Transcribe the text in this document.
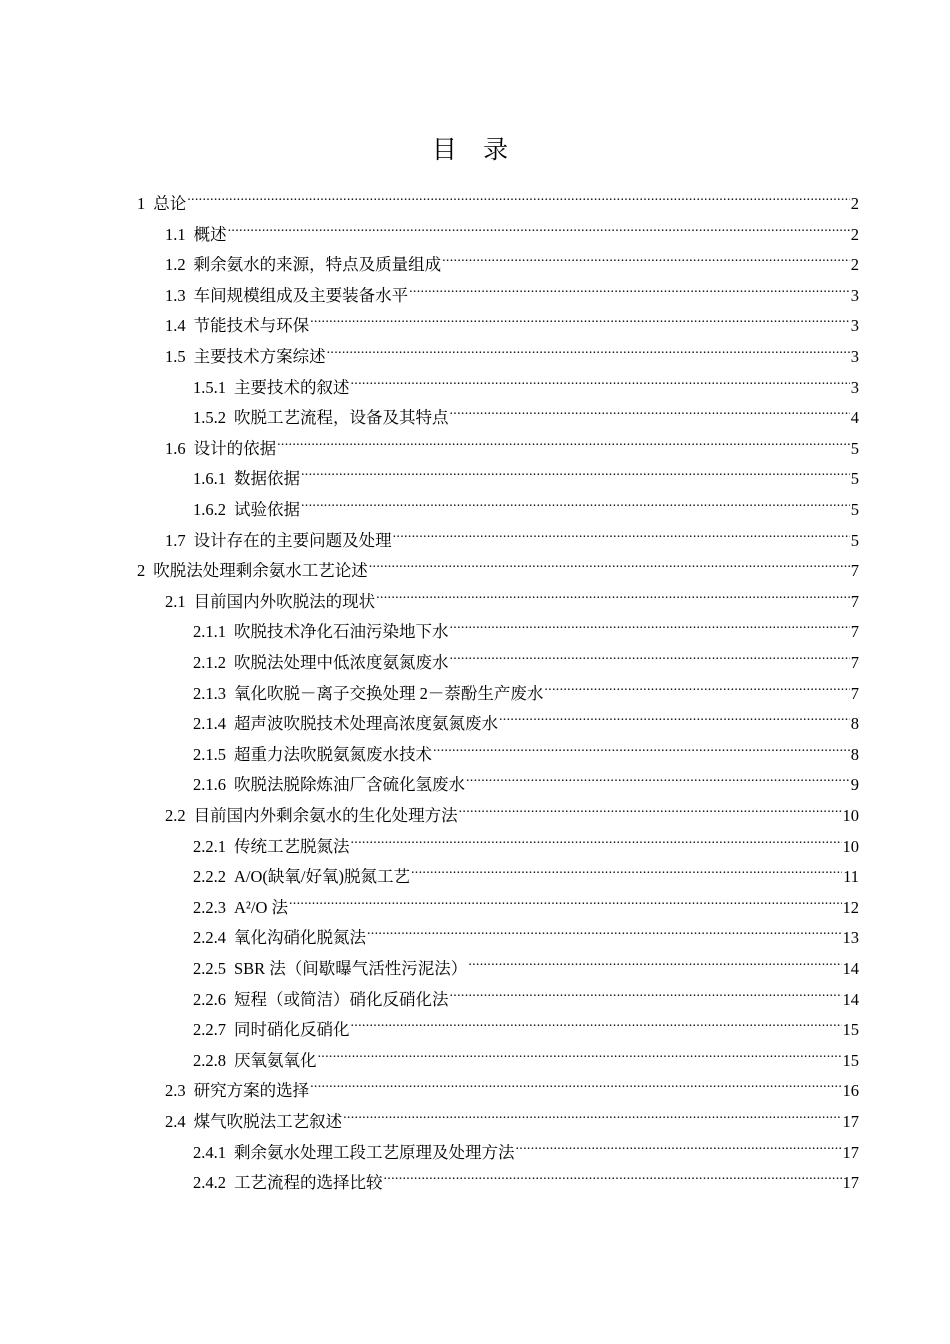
目 录
1 总论 .....	2
1.1 概述 .....	2
1.2 剩余氨水的来源，特点及质量组成 .....	2
1.3 车间规模组成及主要装备水平 .....	3
1.4 节能技术与环保 .....	3
1.5 主要技术方案综述 .....	3
1.5.1 主要技术的叙述 .....	3
1.5.2 吹脱工艺流程，设备及其特点 .....	4
1.6 设计的依据 .....	5
1.6.1 数据依据 .....	5
1.6.2 试验依据 .....	5
1.7 设计存在的主要问题及处理 .....	5
2 吹脱法处理剩余氨水工艺论述 .....	7
2.1 目前国内外吹脱法的现状 .....	7
2.1.1 吹脱技术净化石油污染地下水 .....	7
2.1.2 吹脱法处理中低浓度氨氮废水 .....	7
2.1.3 氧化吹脱－离子交换处理 2－萘酚生产废水 .....	7
2.1.4 超声波吹脱技术处理高浓度氨氮废水 .....	8
2.1.5 超重力法吹脱氨氮废水技术 .....	8
2.1.6 吹脱法脱除炼油厂含硫化氢废水 .....	9
2.2 目前国内外剩余氨水的生化处理方法 .....	10
2.2.1 传统工艺脱氮法 .....	10
2.2.2 A/O(缺氧/好氧)脱氮工艺 .....	11
2.2.3 A²/O 法 .....	12
2.2.4 氧化沟硝化脱氮法 .....	13
2.2.5 SBR 法（间歇曝气活性污泥法） .....	14
2.2.6 短程（或简洁）硝化反硝化法 .....	14
2.2.7 同时硝化反硝化 .....	15
2.2.8 厌氧氨氧化 .....	15
2.3 研究方案的选择 .....	16
2.4 煤气吹脱法工艺叙述 .....	17
2.4.1 剩余氨水处理工段工艺原理及处理方法 .....	17
2.4.2 工艺流程的选择比较 .....	17
